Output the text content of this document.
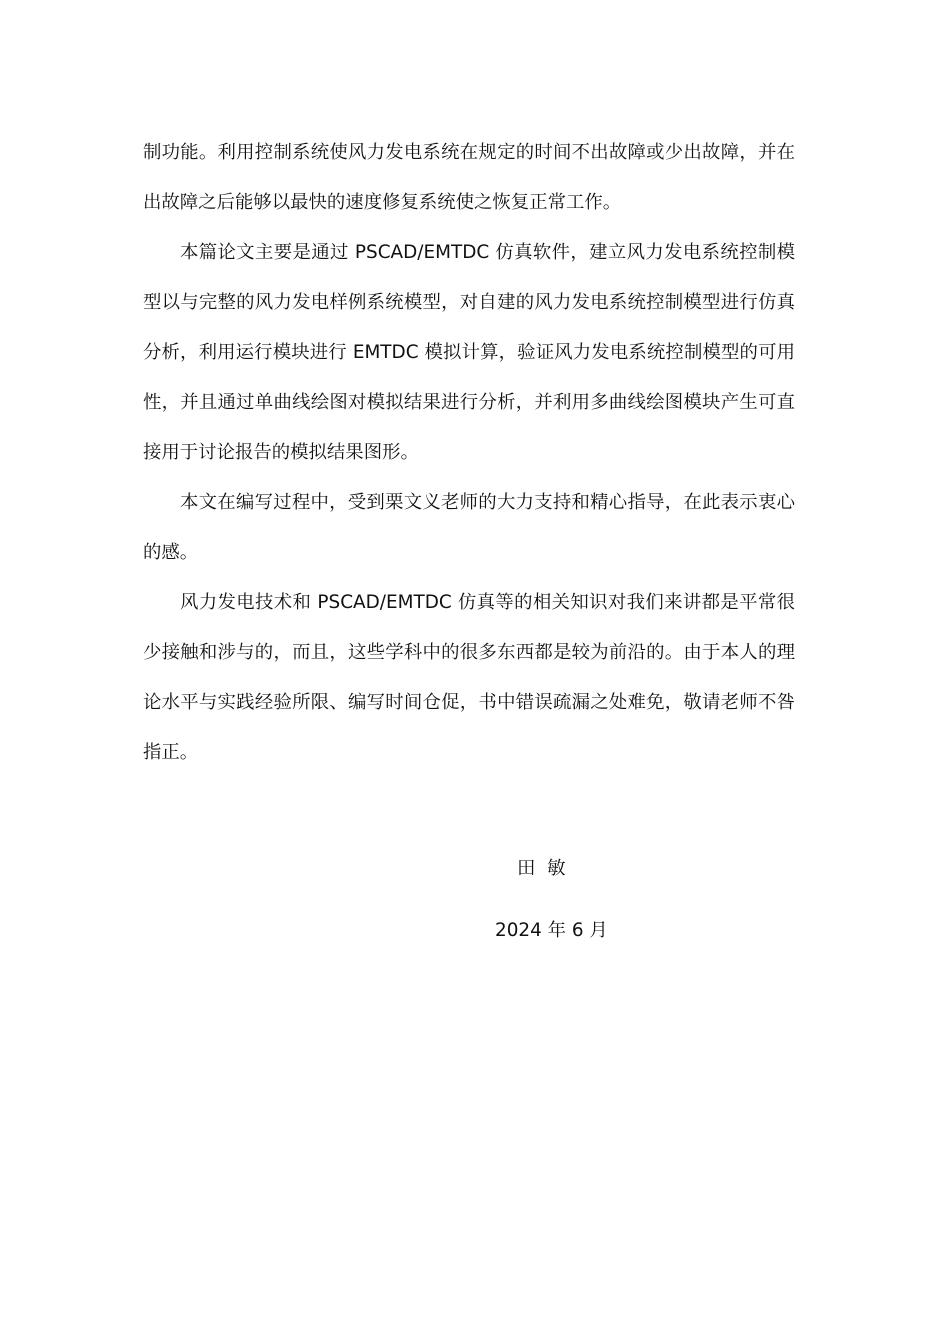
制功能。利用控制系统使风力发电系统在规定的时间不出故障或少出故障，并在出故障之后能够以最快的速度修复系统使之恢复正常工作。

本篇论文主要是通过 PSCAD/EMTDC 仿真软件，建立风力发电系统控制模型以与完整的风力发电样例系统模型，对自建的风力发电系统控制模型进行仿真分析，利用运行模块进行 EMTDC 模拟计算，验证风力发电系统控制模型的可用性，并且通过单曲线绘图对模拟结果进行分析，并利用多曲线绘图模块产生可直接用于讨论报告的模拟结果图形。

本文在编写过程中，受到栗文义老师的大力支持和精心指导，在此表示衷心的感。

风力发电技术和 PSCAD/EMTDC 仿真等的相关知识对我们来讲都是平常很少接触和涉与的，而且，这些学科中的很多东西都是较为前沿的。由于本人的理论水平与实践经验所限、编写时间仓促，书中错误疏漏之处难免，敬请老师不咎指正。

田  敏
2024 年 6 月
